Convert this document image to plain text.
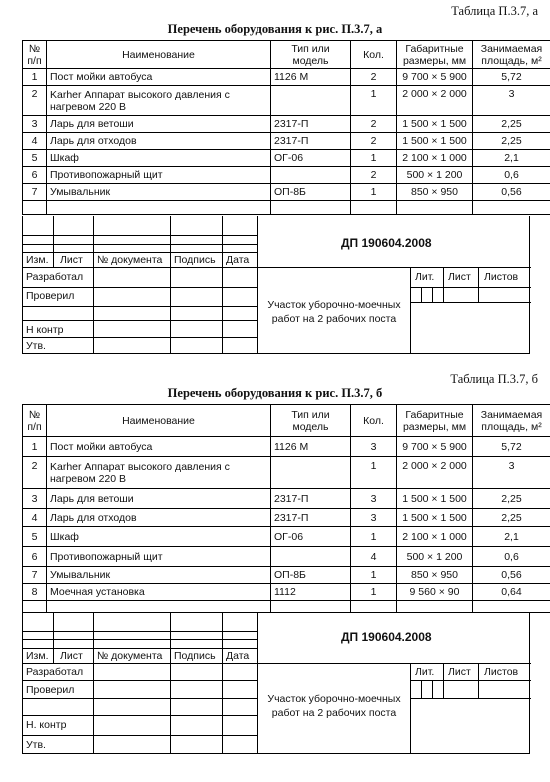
Таблица П.3.7, а
Перечень оборудования к рис. П.3.7, а
№ п/п	Наименование	Тип или модель	Кол.	Габаритные размеры, мм	Занимаемая площадь, м²
1	Пост мойки автобуса	1126 М	2	9 700 × 5 900	5,72
2	Karher Аппарат высокого давления с нагревом 220 В		1	2 000 × 2 000	3
3	Ларь для ветоши	2317-П	2	1 500 × 1 500	2,25
4	Ларь для отходов	2317-П	2	1 500 × 1 500	2,25
5	Шкаф	ОГ-06	1	2 100 × 1 000	2,1
6	Противопожарный щит		2	500 × 1 200	0,6
7	Умывальник	ОП-8Б	1	850 × 950	0,56

Изм. Лист № документа Подпись Дата
Разработал
Проверил
Н контр
Утв.
ДП 190604.2008
Участок уборочно-моечных
работ на 2 рабочих поста
Лит. Лист Листов
Таблица П.3.7, б
Перечень оборудования к рис. П.3.7, б
№ п/п	Наименование	Тип или модель	Кол.	Габаритные размеры, мм	Занимаемая площадь, м²
1	Пост мойки автобуса	1126 М	3	9 700 × 5 900	5,72
2	Karher Аппарат высокого давления с нагревом 220 В		1	2 000 × 2 000	3
3	Ларь для ветоши	2317-П	3	1 500 × 1 500	2,25
4	Ларь для отходов	2317-П	3	1 500 × 1 500	2,25
5	Шкаф	ОГ-06	1	2 100 × 1 000	2,1
6	Противопожарный щит		4	500 × 1 200	0,6
7	Умывальник	ОП-8Б	1	850 × 950	0,56
8	Моечная установка	1112	1	9 560 × 90	0,64

Изм. Лист № документа Подпись Дата
Разработал
Проверил
Н. контр
Утв.
ДП 190604.2008
Участок уборочно-моечных
работ на 2 рабочих поста
Лит. Лист Листов
